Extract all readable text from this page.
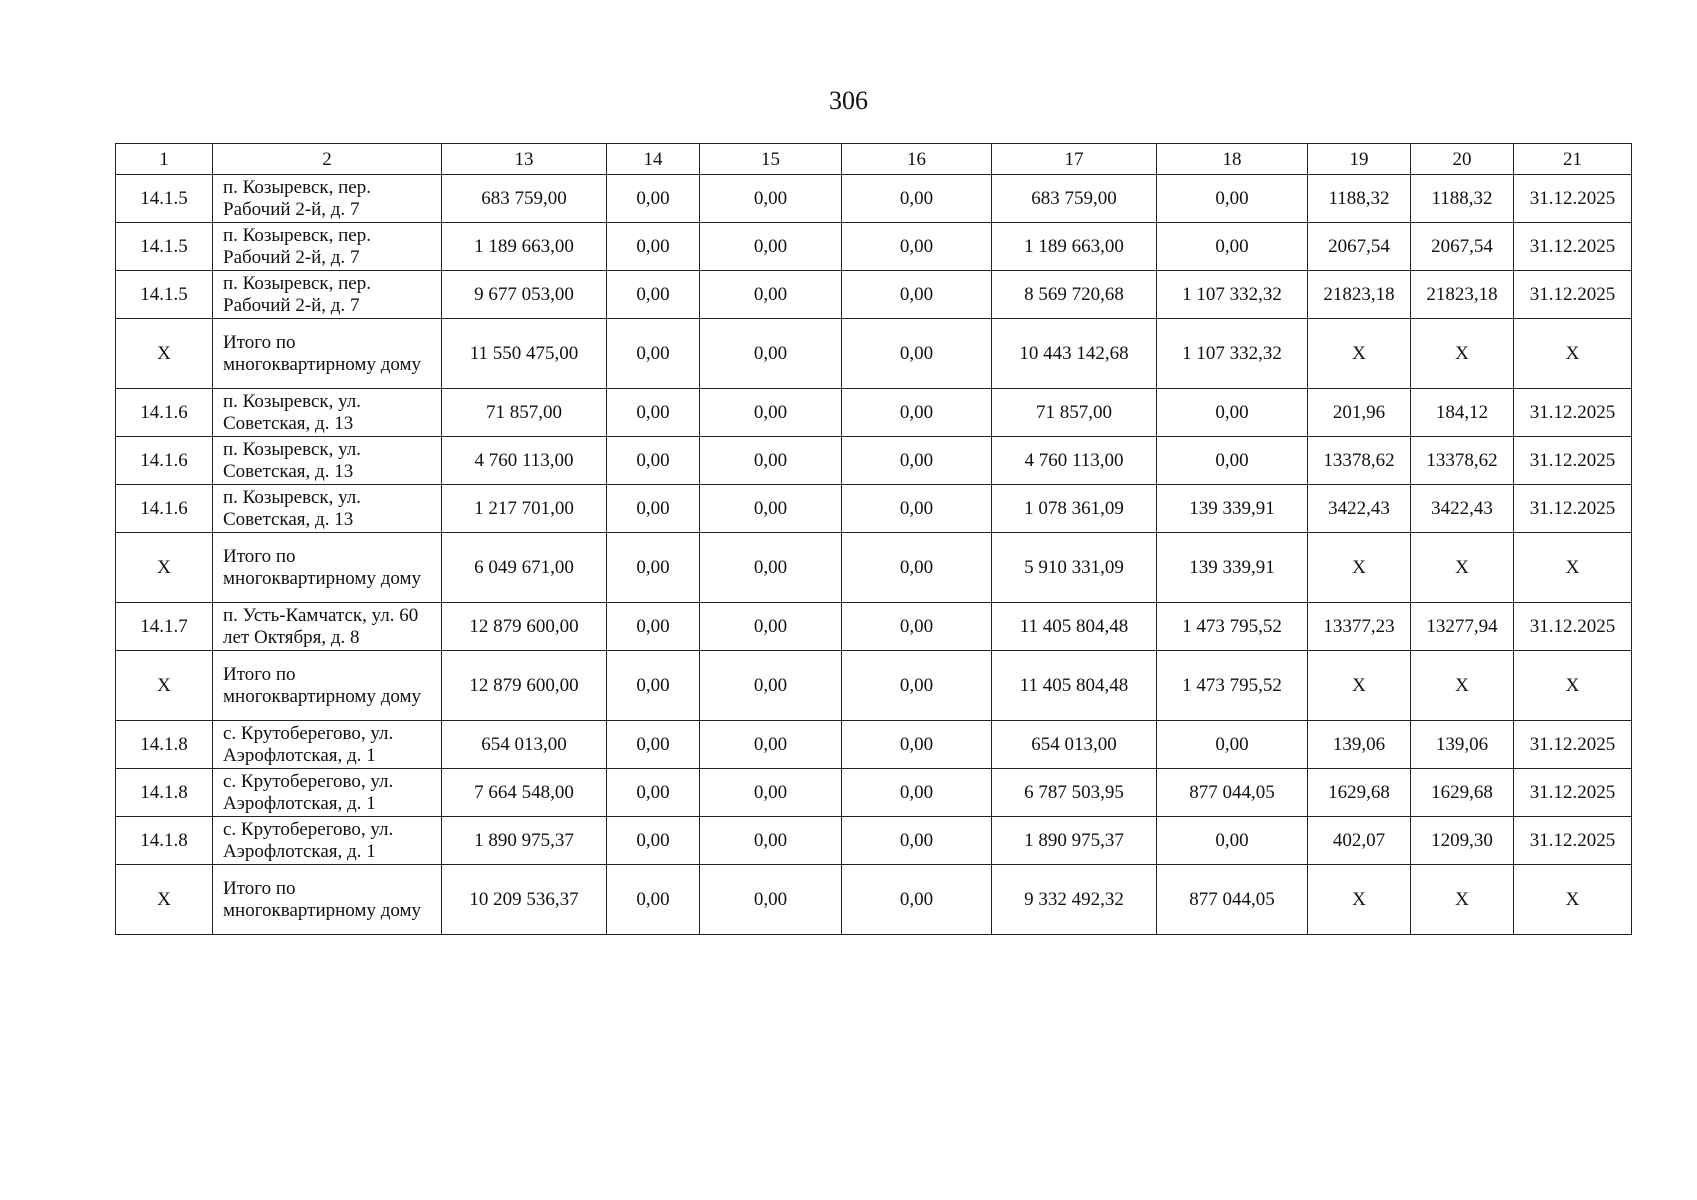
306
1	2	13	14	15	16	17	18	19	20	21
14.1.5	п. Козыревск, пер. Рабочий 2-й, д. 7	683 759,00	0,00	0,00	0,00	683 759,00	0,00	1188,32	1188,32	31.12.2025
14.1.5	п. Козыревск, пер. Рабочий 2-й, д. 7	1 189 663,00	0,00	0,00	0,00	1 189 663,00	0,00	2067,54	2067,54	31.12.2025
14.1.5	п. Козыревск, пер. Рабочий 2-й, д. 7	9 677 053,00	0,00	0,00	0,00	8 569 720,68	1 107 332,32	21823,18	21823,18	31.12.2025
X	Итого по многоквартирному дому	11 550 475,00	0,00	0,00	0,00	10 443 142,68	1 107 332,32	X	X	X
14.1.6	п. Козыревск, ул. Советская, д. 13	71 857,00	0,00	0,00	0,00	71 857,00	0,00	201,96	184,12	31.12.2025
14.1.6	п. Козыревск, ул. Советская, д. 13	4 760 113,00	0,00	0,00	0,00	4 760 113,00	0,00	13378,62	13378,62	31.12.2025
14.1.6	п. Козыревск, ул. Советская, д. 13	1 217 701,00	0,00	0,00	0,00	1 078 361,09	139 339,91	3422,43	3422,43	31.12.2025
X	Итого по многоквартирному дому	6 049 671,00	0,00	0,00	0,00	5 910 331,09	139 339,91	X	X	X
14.1.7	п. Усть-Камчатск, ул. 60 лет Октября, д. 8	12 879 600,00	0,00	0,00	0,00	11 405 804,48	1 473 795,52	13377,23	13277,94	31.12.2025
X	Итого по многоквартирному дому	12 879 600,00	0,00	0,00	0,00	11 405 804,48	1 473 795,52	X	X	X
14.1.8	с. Крутоберегово, ул. Аэрофлотская, д. 1	654 013,00	0,00	0,00	0,00	654 013,00	0,00	139,06	139,06	31.12.2025
14.1.8	с. Крутоберегово, ул. Аэрофлотская, д. 1	7 664 548,00	0,00	0,00	0,00	6 787 503,95	877 044,05	1629,68	1629,68	31.12.2025
14.1.8	с. Крутоберегово, ул. Аэрофлотская, д. 1	1 890 975,37	0,00	0,00	0,00	1 890 975,37	0,00	402,07	1209,30	31.12.2025
X	Итого по многоквартирному дому	10 209 536,37	0,00	0,00	0,00	9 332 492,32	877 044,05	X	X	X
